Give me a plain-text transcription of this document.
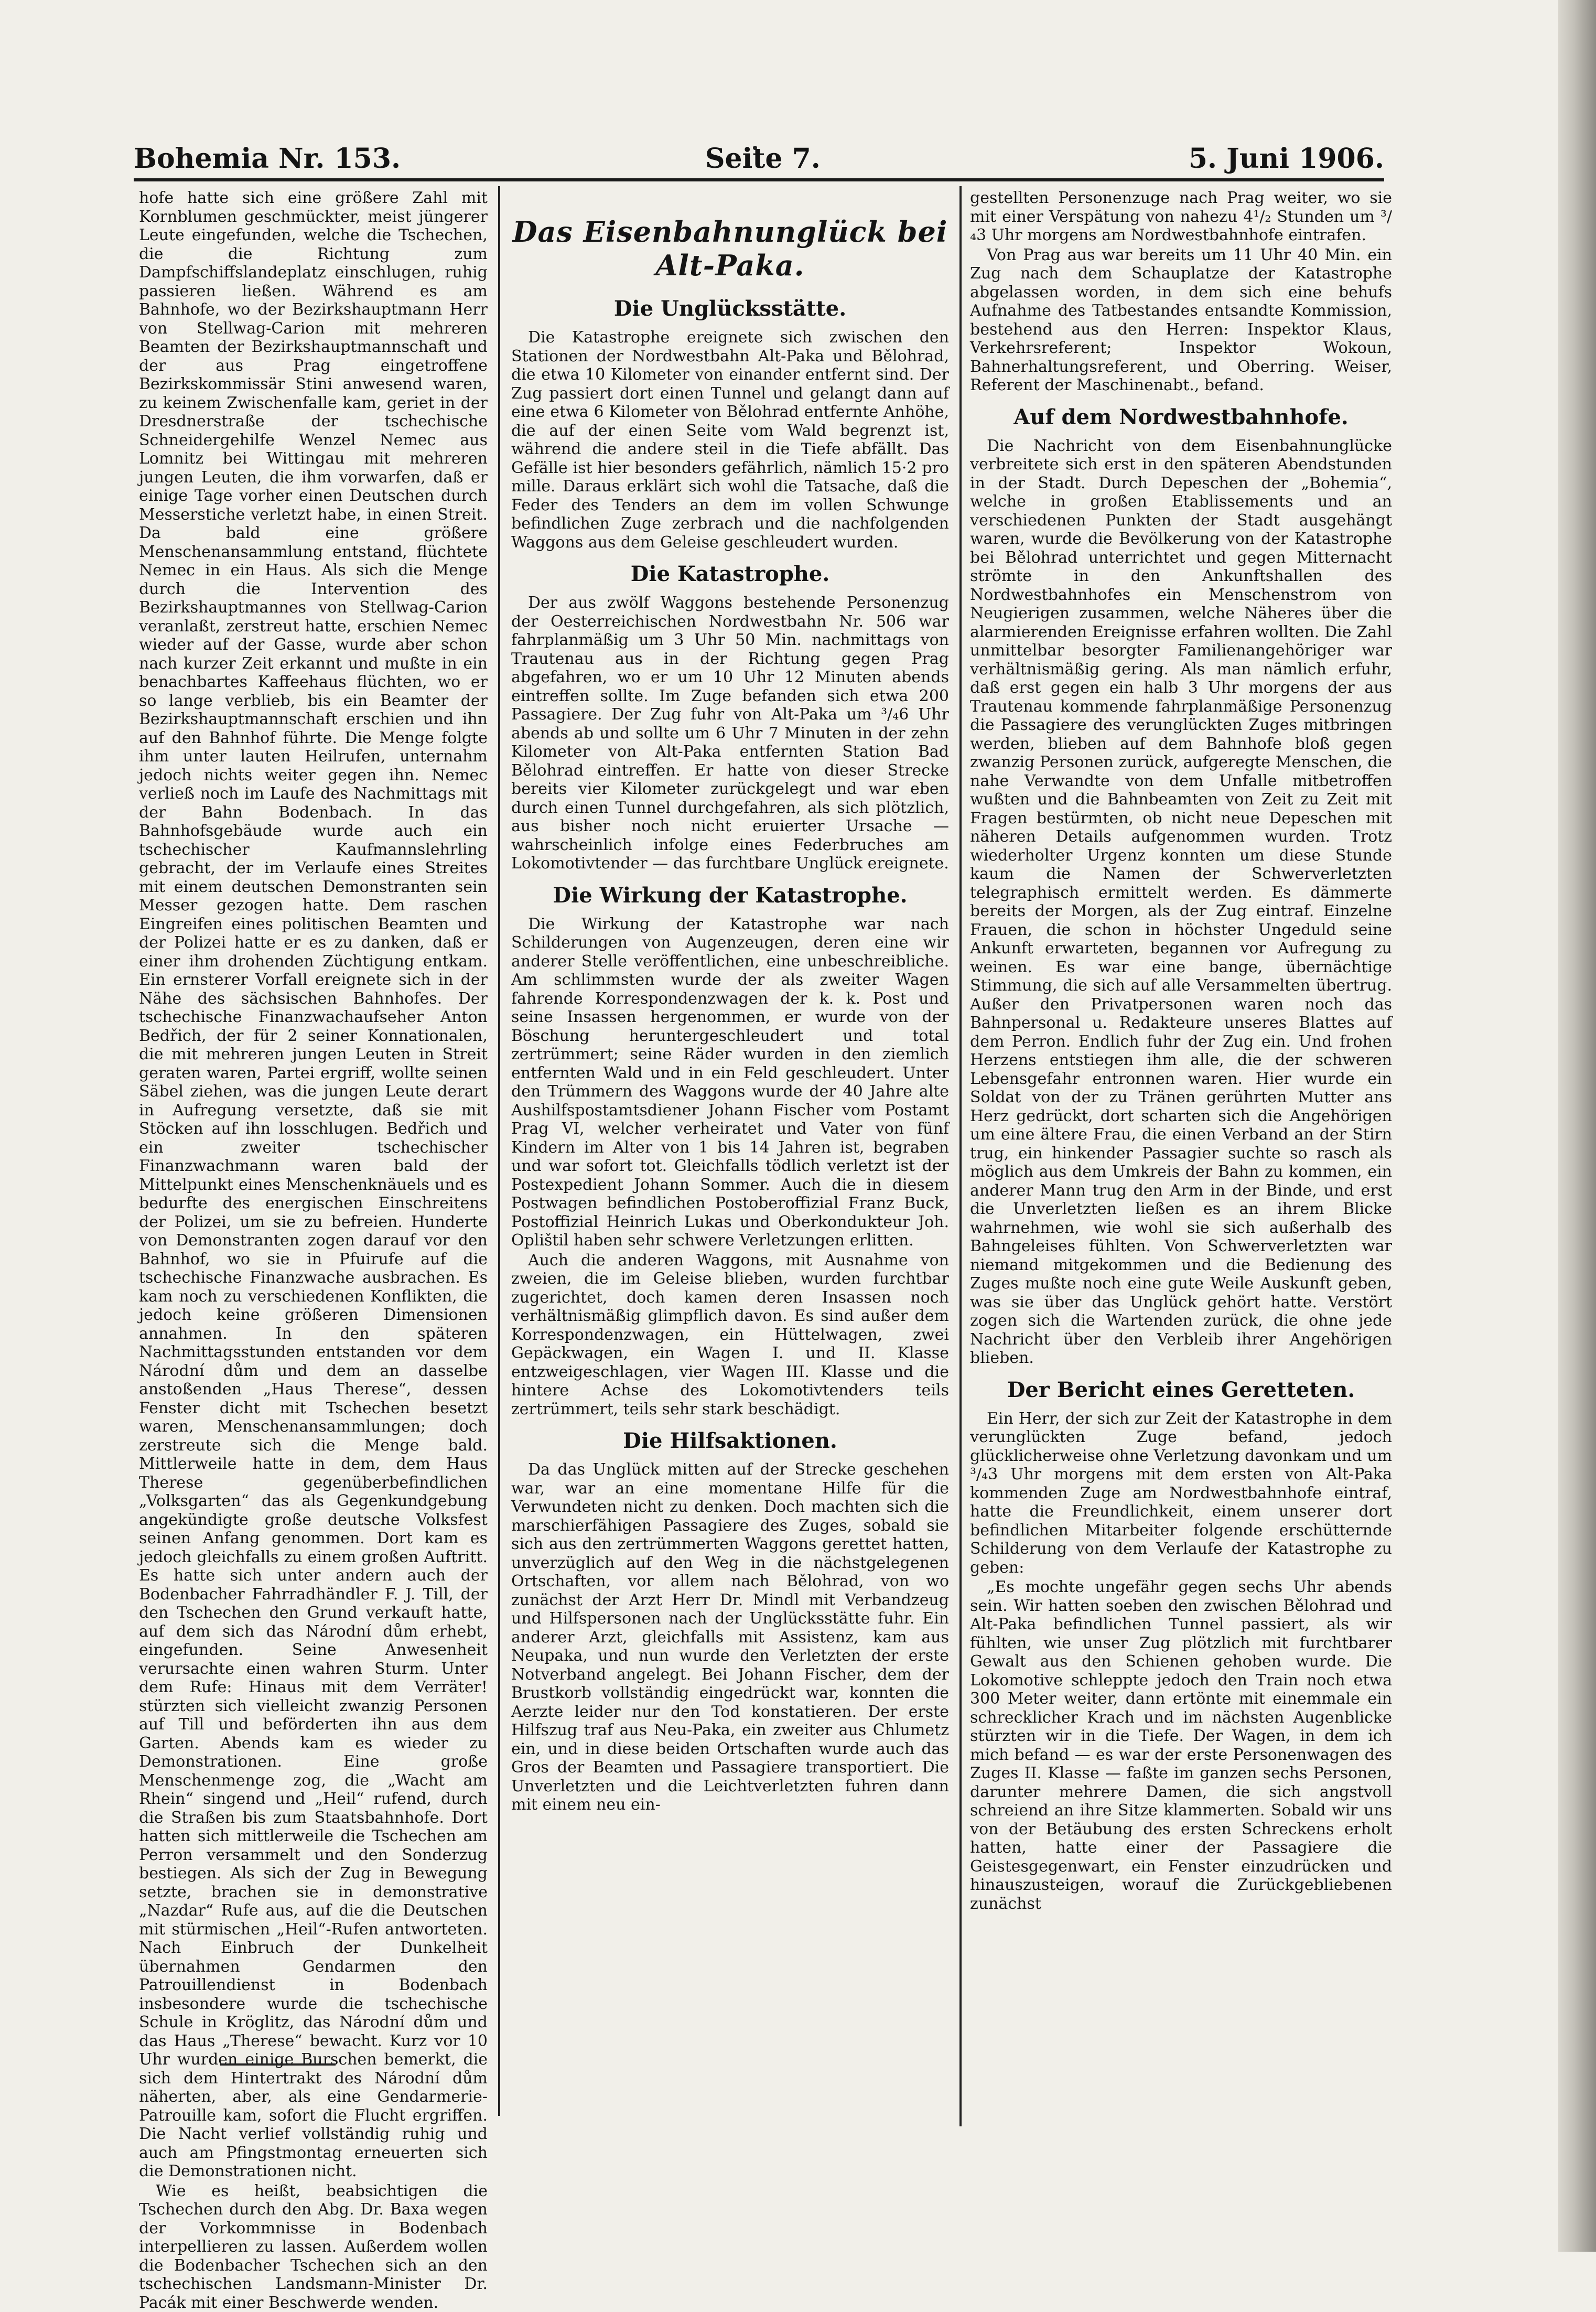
Bohemia Nr. 153.	Seite 7.	5. Juni 1906.

hofe hatte sich eine größere Zahl mit Kornblumen geschmückter, meist jüngerer Leute eingefunden, welche die Tschechen, die die Richtung zum Dampfschiffslandeplatz einschlugen, ruhig passieren ließen. Während es am Bahnhofe, wo der Bezirkshauptmann Herr von Stellwag-Carion mit mehreren Beamten der Bezirkshauptmannschaft und der aus Prag eingetroffene Bezirkskommissär Stini anwesend waren, zu keinem Zwischenfalle kam, geriet in der Dresdnerstraße der tschechische Schneidergehilfe Wenzel Nemec aus Lomnitz bei Wittingau mit mehreren jungen Leuten, die ihm vorwarfen, daß er einige Tage vorher einen Deutschen durch Messerstiche verletzt habe, in einen Streit. Da bald eine größere Menschenansammlung entstand, flüchtete Nemec in ein Haus. Als sich die Menge durch die Intervention des Bezirkshauptmannes von Stellwag-Carion veranlaßt, zerstreut hatte, erschien Nemec wieder auf der Gasse, wurde aber schon nach kurzer Zeit erkannt und mußte in ein benachbartes Kaffeehaus flüchten, wo er so lange verblieb, bis ein Beamter der Bezirkshauptmannschaft erschien und ihn auf den Bahnhof führte. Die Menge folgte ihm unter lauten Heilrufen, unternahm jedoch nichts weiter gegen ihn. Nemec verließ noch im Laufe des Nachmittags mit der Bahn Bodenbach. In das Bahnhofsgebäude wurde auch ein tschechischer Kaufmannslehrling gebracht, der im Verlaufe eines Streites mit einem deutschen Demonstranten sein Messer gezogen hatte. Dem raschen Eingreifen eines politischen Beamten und der Polizei hatte er es zu danken, daß er einer ihm drohenden Züchtigung entkam. Ein ernsterer Vorfall ereignete sich in der Nähe des sächsischen Bahnhofes. Der tschechische Finanzwachaufseher Anton Bedřich, der für 2 seiner Konnationalen, die mit mehreren jungen Leuten in Streit geraten waren, Partei ergriff, wollte seinen Säbel ziehen, was die jungen Leute derart in Aufregung versetzte, daß sie mit Stöcken auf ihn losschlugen. Bedřich und ein zweiter tschechischer Finanzwachmann waren bald der Mittelpunkt eines Menschenknäuels und es bedurfte des energischen Einschreitens der Polizei, um sie zu befreien. Hunderte von Demonstranten zogen darauf vor den Bahnhof, wo sie in Pfuirufe auf die tschechische Finanzwache ausbrachen. Es kam noch zu verschiedenen Konflikten, die jedoch keine größeren Dimensionen annahmen. In den späteren Nachmittagsstunden entstanden vor dem Národní dům und dem an dasselbe anstoßenden „Haus Therese“, dessen Fenster dicht mit Tschechen besetzt waren, Menschenansammlungen; doch zerstreute sich die Menge bald. Mittlerweile hatte in dem, dem Haus Therese gegenüberbefindlichen „Volksgarten“ das als Gegenkundgebung angekündigte große deutsche Volksfest seinen Anfang genommen. Dort kam es jedoch gleichfalls zu einem großen Auftritt. Es hatte sich unter andern auch der Bodenbacher Fahrradhändler F. J. Till, der den Tschechen den Grund verkauft hatte, auf dem sich das Národní dům erhebt, eingefunden. Seine Anwesenheit verursachte einen wahren Sturm. Unter dem Rufe: Hinaus mit dem Verräter! stürzten sich vielleicht zwanzig Personen auf Till und beförderten ihn aus dem Garten. Abends kam es wieder zu Demonstrationen. Eine große Menschenmenge zog, die „Wacht am Rhein“ singend und „Heil“ rufend, durch die Straßen bis zum Staatsbahnhofe. Dort hatten sich mittlerweile die Tschechen am Perron versammelt und den Sonderzug bestiegen. Als sich der Zug in Bewegung setzte, brachen sie in demonstrative „Nazdar“ Rufe aus, auf die die Deutschen mit stürmischen „Heil“-Rufen antworteten. Nach Einbruch der Dunkelheit übernahmen Gendarmen den Patrouillendienst in Bodenbach insbesondere wurde die tschechische Schule in Kröglitz, das Národní dům und das Haus „Therese“ bewacht. Kurz vor 10 Uhr wurden einige Burschen bemerkt, die sich dem Hintertrakt des Národní dům näherten, aber, als eine Gendarmerie-Patrouille kam, sofort die Flucht ergriffen. Die Nacht verlief vollständig ruhig und auch am Pfingstmontag erneuerten sich die Demonstrationen nicht.

Wie es heißt, beabsichtigen die Tschechen durch den Abg. Dr. Baxa wegen der Vorkommnisse in Bodenbach interpellieren zu lassen. Außerdem wollen die Bodenbacher Tschechen sich an den tschechischen Landsmann-Minister Dr. Pacák mit einer Beschwerde wenden.

Das Eisenbahnunglück bei Alt-Paka.
Die Unglücksstätte.

Die Katastrophe ereignete sich zwischen den Stationen der Nordwestbahn Alt-Paka und Bělohrad, die etwa 10 Kilometer von einander entfernt sind. Der Zug passiert dort einen Tunnel und gelangt dann auf eine etwa 6 Kilometer von Bělohrad entfernte Anhöhe, die auf der einen Seite vom Wald begrenzt ist, während die andere steil in die Tiefe abfällt. Das Gefälle ist hier besonders gefährlich, nämlich 15·2 pro mille. Daraus erklärt sich wohl die Tatsache, daß die Feder des Tenders an dem im vollen Schwunge befindlichen Zuge zerbrach und die nachfolgenden Waggons aus dem Geleise geschleudert wurden.

Die Katastrophe.

Der aus zwölf Waggons bestehende Personenzug der Oesterreichischen Nordwestbahn Nr. 506 war fahrplanmäßig um 3 Uhr 50 Min. nachmittags von Trautenau aus in der Richtung gegen Prag abgefahren, wo er um 10 Uhr 12 Minuten abends eintreffen sollte. Im Zuge befanden sich etwa 200 Passagiere. Der Zug fuhr von Alt-Paka um ³/₄6 Uhr abends ab und sollte um 6 Uhr 7 Minuten in der zehn Kilometer von Alt-Paka entfernten Station Bad Bělohrad eintreffen. Er hatte von dieser Strecke bereits vier Kilometer zurückgelegt und war eben durch einen Tunnel durchgefahren, als sich plötzlich, aus bisher noch nicht eruierter Ursache — wahrscheinlich infolge eines Federbruches am Lokomotivtender — das furchtbare Unglück ereignete.

Die Wirkung der Katastrophe.

Die Wirkung der Katastrophe war nach Schilderungen von Augenzeugen, deren eine wir anderer Stelle veröffentlichen, eine unbeschreibliche. Am schlimmsten wurde der als zweiter Wagen fahrende Korrespondenzwagen der k. k. Post und seine Insassen hergenommen, er wurde von der Böschung heruntergeschleudert und total zertrümmert; seine Räder wurden in den ziemlich entfernten Wald und in ein Feld geschleudert. Unter den Trümmern des Waggons wurde der 40 Jahre alte Aushilfspostamtsdiener Johann Fischer vom Postamt Prag VI, welcher verheiratet und Vater von fünf Kindern im Alter von 1 bis 14 Jahren ist, begraben und war sofort tot. Gleichfalls tödlich verletzt ist der Postexpedient Johann Sommer. Auch die in diesem Postwagen befindlichen Postoberoffizial Franz Buck, Postoffizial Heinrich Lukas und Oberkondukteur Joh. Oplištil haben sehr schwere Verletzungen erlitten.

Auch die anderen Waggons, mit Ausnahme von zweien, die im Geleise blieben, wurden furchtbar zugerichtet, doch kamen deren Insassen noch verhältnismäßig glimpflich davon. Es sind außer dem Korrespondenzwagen, ein Hüttelwagen, zwei Gepäckwagen, ein Wagen I. und II. Klasse entzweigeschlagen, vier Wagen III. Klasse und die hintere Achse des Lokomotivtenders teils zertrümmert, teils sehr stark beschädigt.

Die Hilfsaktionen.

Da das Unglück mitten auf der Strecke geschehen war, war an eine momentane Hilfe für die Verwundeten nicht zu denken. Doch machten sich die marschierfähigen Passagiere des Zuges, sobald sie sich aus den zertrümmerten Waggons gerettet hatten, unverzüglich auf den Weg in die nächstgelegenen Ortschaften, vor allem nach Bělohrad, von wo zunächst der Arzt Herr Dr. Mindl mit Verbandzeug und Hilfspersonen nach der Unglücksstätte fuhr. Ein anderer Arzt, gleichfalls mit Assistenz, kam aus Neupaka, und nun wurde den Verletzten der erste Notverband angelegt. Bei Johann Fischer, dem der Brustkorb vollständig eingedrückt war, konnten die Aerzte leider nur den Tod konstatieren. Der erste Hilfszug traf aus Neu-Paka, ein zweiter aus Chlumetz ein, und in diese beiden Ortschaften wurde auch das Gros der Beamten und Passagiere transportiert. Die Unverletzten und die Leichtverletzten fuhren dann mit einem neu ein-

gestellten Personenzuge nach Prag weiter, wo sie mit einer Verspätung von nahezu 4¹/₂ Stunden um ³/₄3 Uhr morgens am Nordwestbahnhofe eintrafen.

Von Prag aus war bereits um 11 Uhr 40 Min. ein Zug nach dem Schauplatze der Katastrophe abgelassen worden, in dem sich eine behufs Aufnahme des Tatbestandes entsandte Kommission, bestehend aus den Herren: Inspektor Klaus, Verkehrsreferent; Inspektor Wokoun, Bahnerhaltungsreferent, und Oberring. Weiser, Referent der Maschinenabt., befand.

Auf dem Nordwestbahnhofe.

Die Nachricht von dem Eisenbahnunglücke verbreitete sich erst in den späteren Abendstunden in der Stadt. Durch Depeschen der „Bohemia“, welche in großen Etablissements und an verschiedenen Punkten der Stadt ausgehängt waren, wurde die Bevölkerung von der Katastrophe bei Bělohrad unterrichtet und gegen Mitternacht strömte in den Ankunftshallen des Nordwestbahnhofes ein Menschenstrom von Neugierigen zusammen, welche Näheres über die alarmierenden Ereignisse erfahren wollten. Die Zahl unmittelbar besorgter Familienangehöriger war verhältnismäßig gering. Als man nämlich erfuhr, daß erst gegen ein halb 3 Uhr morgens der aus Trautenau kommende fahrplanmäßige Personenzug die Passagiere des verunglückten Zuges mitbringen werden, blieben auf dem Bahnhofe bloß gegen zwanzig Personen zurück, aufgeregte Menschen, die nahe Verwandte von dem Unfalle mitbetroffen wußten und die Bahnbeamten von Zeit zu Zeit mit Fragen bestürmten, ob nicht neue Depeschen mit näheren Details aufgenommen wurden. Trotz wiederholter Urgenz konnten um diese Stunde kaum die Namen der Schwerverletzten telegraphisch ermittelt werden. Es dämmerte bereits der Morgen, als der Zug eintraf. Einzelne Frauen, die schon in höchster Ungeduld seine Ankunft erwarteten, begannen vor Aufregung zu weinen. Es war eine bange, übernächtige Stimmung, die sich auf alle Versammelten übertrug. Außer den Privatpersonen waren noch das Bahnpersonal u. Redakteure unseres Blattes auf dem Perron. Endlich fuhr der Zug ein. Und frohen Herzens entstiegen ihm alle, die der schweren Lebensgefahr entronnen waren. Hier wurde ein Soldat von der zu Tränen gerührten Mutter ans Herz gedrückt, dort scharten sich die Angehörigen um eine ältere Frau, die einen Verband an der Stirn trug, ein hinkender Passagier suchte so rasch als möglich aus dem Umkreis der Bahn zu kommen, ein anderer Mann trug den Arm in der Binde, und erst die Unverletzten ließen es an ihrem Blicke wahrnehmen, wie wohl sie sich außerhalb des Bahngeleises fühlten. Von Schwerverletzten war niemand mitgekommen und die Bedienung des Zuges mußte noch eine gute Weile Auskunft geben, was sie über das Unglück gehört hatte. Verstört zogen sich die Wartenden zurück, die ohne jede Nachricht über den Verbleib ihrer Angehörigen blieben.

Der Bericht eines Geretteten.

Ein Herr, der sich zur Zeit der Katastrophe in dem verunglückten Zuge befand, jedoch glücklicherweise ohne Verletzung davonkam und um ³/₄3 Uhr morgens mit dem ersten von Alt-Paka kommenden Zuge am Nordwestbahnhofe eintraf, hatte die Freundlichkeit, einem unserer dort befindlichen Mitarbeiter folgende erschütternde Schilderung von dem Verlaufe der Katastrophe zu geben:

„Es mochte ungefähr gegen sechs Uhr abends sein. Wir hatten soeben den zwischen Bělohrad und Alt-Paka befindlichen Tunnel passiert, als wir fühlten, wie unser Zug plötzlich mit furchtbarer Gewalt aus den Schienen gehoben wurde. Die Lokomotive schleppte jedoch den Train noch etwa 300 Meter weiter, dann ertönte mit einemmale ein schrecklicher Krach und im nächsten Augenblicke stürzten wir in die Tiefe. Der Wagen, in dem ich mich befand — es war der erste Personenwagen des Zuges II. Klasse — faßte im ganzen sechs Personen, darunter mehrere Damen, die sich angstvoll schreiend an ihre Sitze klammerten. Sobald wir uns von der Betäubung des ersten Schreckens erholt hatten, hatte einer der Passagiere die Geistesgegenwart, ein Fenster einzudrücken und hinauszusteigen, worauf die Zurückgebliebenen zunächst
